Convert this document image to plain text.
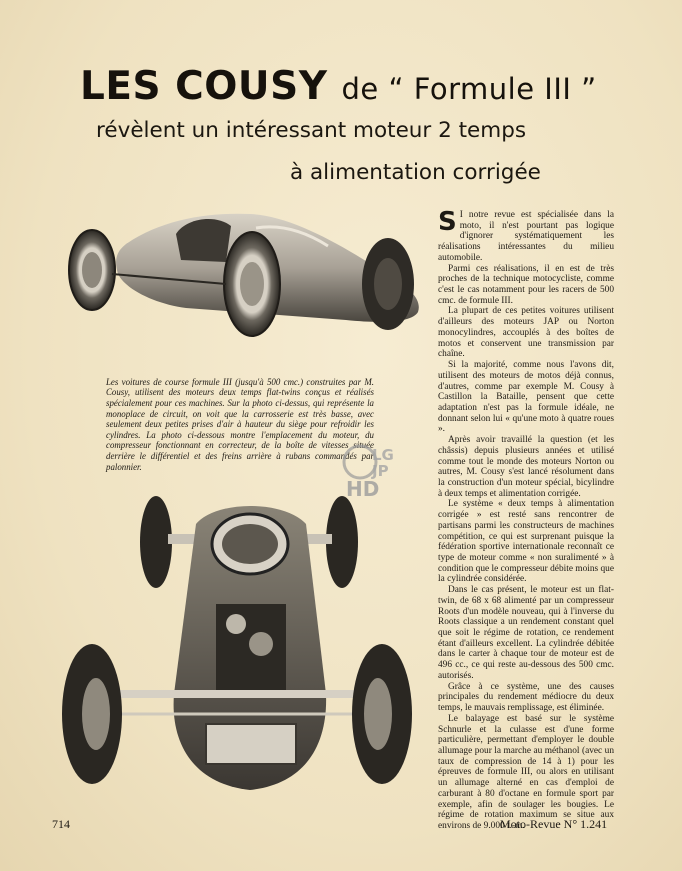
LES COUSY de “ Formule III ”
révèlent un intéressant moteur 2 temps
à alimentation corrigée

Les voitures de course formule III (jusqu'à 500 cmc.) construites par M. Cousy, utilisent des moteurs deux temps flat-twins conçus et réalisés spécialement pour ces machines. Sur la photo ci-dessus, qui représente la monoplace de circuit, on voit que la carrosserie est très basse, avec seulement deux petites prises d'air à hauteur du siège pour refroidir les cylindres. La photo ci-dessous montre l'emplacement du moteur, du compresseur fonctionnant en correcteur, de la boîte de vitesses située derrière le différentiel et des freins arrière à rubans commandés par palonnier.

LG
JP
HD

S I notre revue est spécialisée dans la moto, il n'est pourtant pas logique d'ignorer systématiquement les réalisations intéressantes du milieu automobile.

Parmi ces réalisations, il en est de très proches de la technique motocycliste, comme c'est le cas notamment pour les racers de 500 cmc. de formule III.

La plupart de ces petites voitures utilisent d'ailleurs des moteurs JAP ou Norton monocylindres, accouplés à des boîtes de motos et conservent une transmission par chaîne.

Si la majorité, comme nous l'avons dit, utilisent des moteurs de motos déjà connus, d'autres, comme par exemple M. Cousy à Castillon la Bataille, pensent que cette adaptation n'est pas la formule idéale, ne donnant selon lui « qu'une moto à quatre roues ».

Après avoir travaillé la question (et les châssis) depuis plusieurs années et utilisé comme tout le monde des moteurs Norton ou autres, M. Cousy s'est lancé résolument dans la construction d'un moteur spécial, bicylindre à deux temps et alimentation corrigée.

Le système « deux temps à alimentation corrigée » est resté sans rencontrer de partisans parmi les constructeurs de machines compétition, ce qui est surprenant puisque la fédération sportive internationale reconnaît ce type de moteur comme « non suralimenté » à condition que le compresseur débite moins que la cylindrée considérée.

Dans le cas présent, le moteur est un flat-twin, de 68 x 68 alimenté par un compresseur Roots d'un modèle nouveau, qui à l'inverse du Roots classique a un rendement constant quel que soit le régime de rotation, ce rendement étant d'ailleurs excellent. La cylindrée débitée dans le carter à chaque tour de moteur est de 496 cc., ce qui reste au-dessous des 500 cmc. autorisés.

Grâce à ce système, une des causes principales du rendement médiocre du deux temps, le mauvais remplissage, est éliminée.

Le balayage est basé sur le système Schnurle et la culasse est d'une forme particulière, permettant d'employer le double allumage pour la marche au méthanol (avec un taux de compression de 14 à 1) pour les épreuves de formule III, ou alors en utilisant un allumage alterné en cas d'emploi de carburant à 80 d'octane en formule sport par exemple, afin de soulager les bougies. Le régime de rotation maximum se situe aux environs de 9.000 t.-m.

714	Moto-Revue N° 1.241
